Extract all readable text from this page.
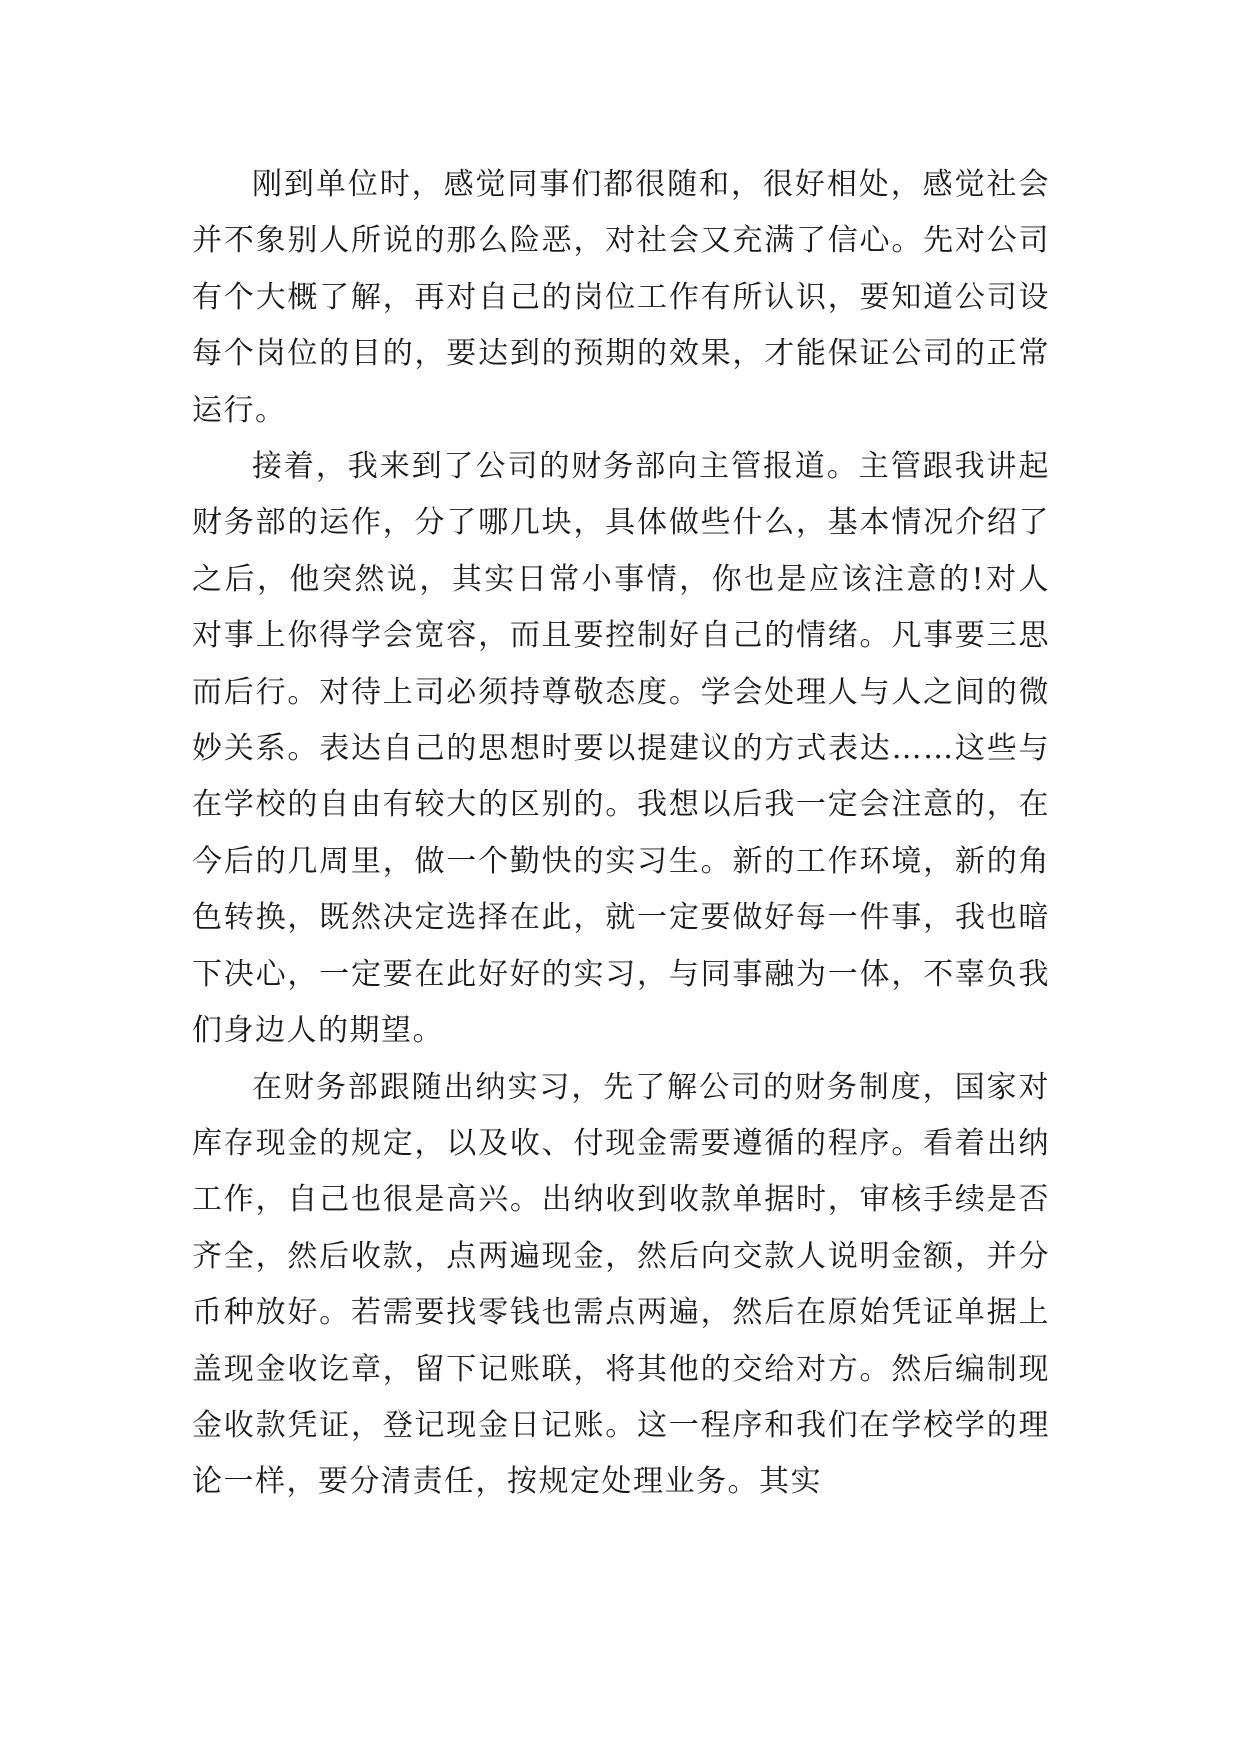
刚到单位时，感觉同事们都很随和，很好相处，感觉社会并不象别人所说的那么险恶，对社会又充满了信心。先对公司有个大概了解，再对自己的岗位工作有所认识，要知道公司设每个岗位的目的，要达到的预期的效果，才能保证公司的正常运行。

接着，我来到了公司的财务部向主管报道。主管跟我讲起财务部的运作，分了哪几块，具体做些什么，基本情况介绍了之后，他突然说，其实日常小事情，你也是应该注意的!对人对事上你得学会宽容，而且要控制好自己的情绪。凡事要三思而后行。对待上司必须持尊敬态度。学会处理人与人之间的微妙关系。表达自己的思想时要以提建议的方式表达……这些与在学校的自由有较大的区别的。我想以后我一定会注意的，在今后的几周里，做一个勤快的实习生。新的工作环境，新的角色转换，既然决定选择在此，就一定要做好每一件事，我也暗下决心，一定要在此好好的实习，与同事融为一体，不辜负我们身边人的期望。

在财务部跟随出纳实习，先了解公司的财务制度，国家对库存现金的规定，以及收、付现金需要遵循的程序。看着出纳工作，自己也很是高兴。出纳收到收款单据时，审核手续是否齐全，然后收款，点两遍现金，然后向交款人说明金额，并分币种放好。若需要找零钱也需点两遍，然后在原始凭证单据上盖现金收讫章，留下记账联，将其他的交给对方。然后编制现金收款凭证，登记现金日记账。这一程序和我们在学校学的理论一样，要分清责任，按规定处理业务。其实
